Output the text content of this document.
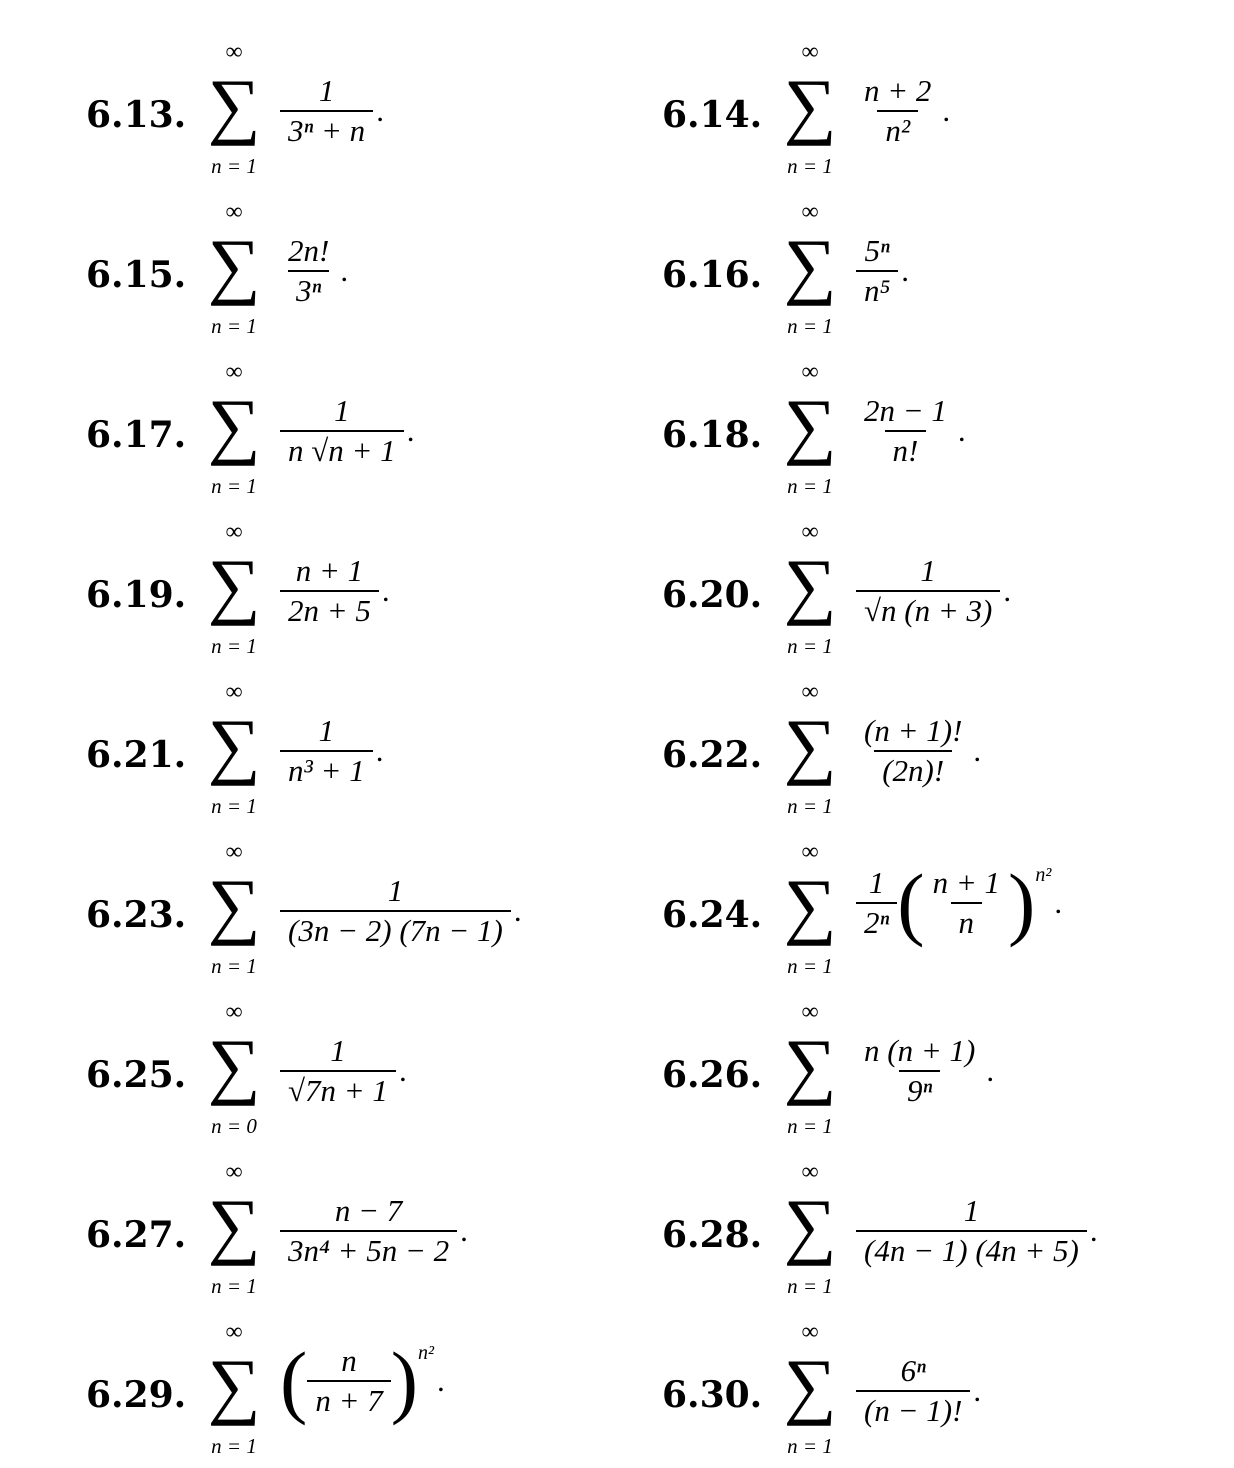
6.13.
∞
∑
n = 1
$\frac{1}{\text{3ⁿ + n}}$ .	6.14.
∞
∑
n = 1
$\frac{n + 2}{\text{n²}}$ .
6.15.
∞
∑
n = 1
$\frac{2n!}{\text{3ⁿ}}$ .	6.16.
∞
∑
n = 1
$\frac{\text{5ⁿ}}{\text{n⁵}}$ .
6.17.
∞
∑
n = 1
$\frac{1}{n √n + 1}$ .	6.18.
∞
∑
n = 1
$\frac{2n - 1}{n!}$ .
6.19.
∞
∑
n = 1
$\frac{n + 1}{2n + 5}$ .	6.20.
∞
∑
n = 1
$\frac{1}{√n (n + 3)}$ .
6.21.
∞
∑
n = 1
$\frac{1}{\text{n³ + 1}}$ .	6.22.
∞
∑
n = 1
$\frac{(n + 1)!}{(2n)!}$ .
6.23.
∞
∑
n = 1
$\frac{1}{(3n - 2) (7n - 1)}$ .	6.24.
∞
∑
n = 1
$\frac{1}{\text{2ⁿ}}$ ( $\frac{n + 1}{n}$ ) n²
.
6.25.
∞
∑
n = 0
$\frac{1}{√7n + 1}$ .	6.26.
∞
∑
n = 1
$\frac{n (n + 1)}{\text{9ⁿ}}$ .
6.27.
∞
∑
n = 1
$\frac{n - 7}{\text{3n⁴ + 5n − 2}}$ .	6.28.
∞
∑
n = 1
$\frac{1}{(4n - 1) (4n + 5)}$ .
6.29.
∞
∑
n = 1
( $\frac{n}{n + 7}$ ) n²
.	6.30.
∞
∑
n = 1
$\frac{\text{6ⁿ}}{(n - 1)!}$ .
